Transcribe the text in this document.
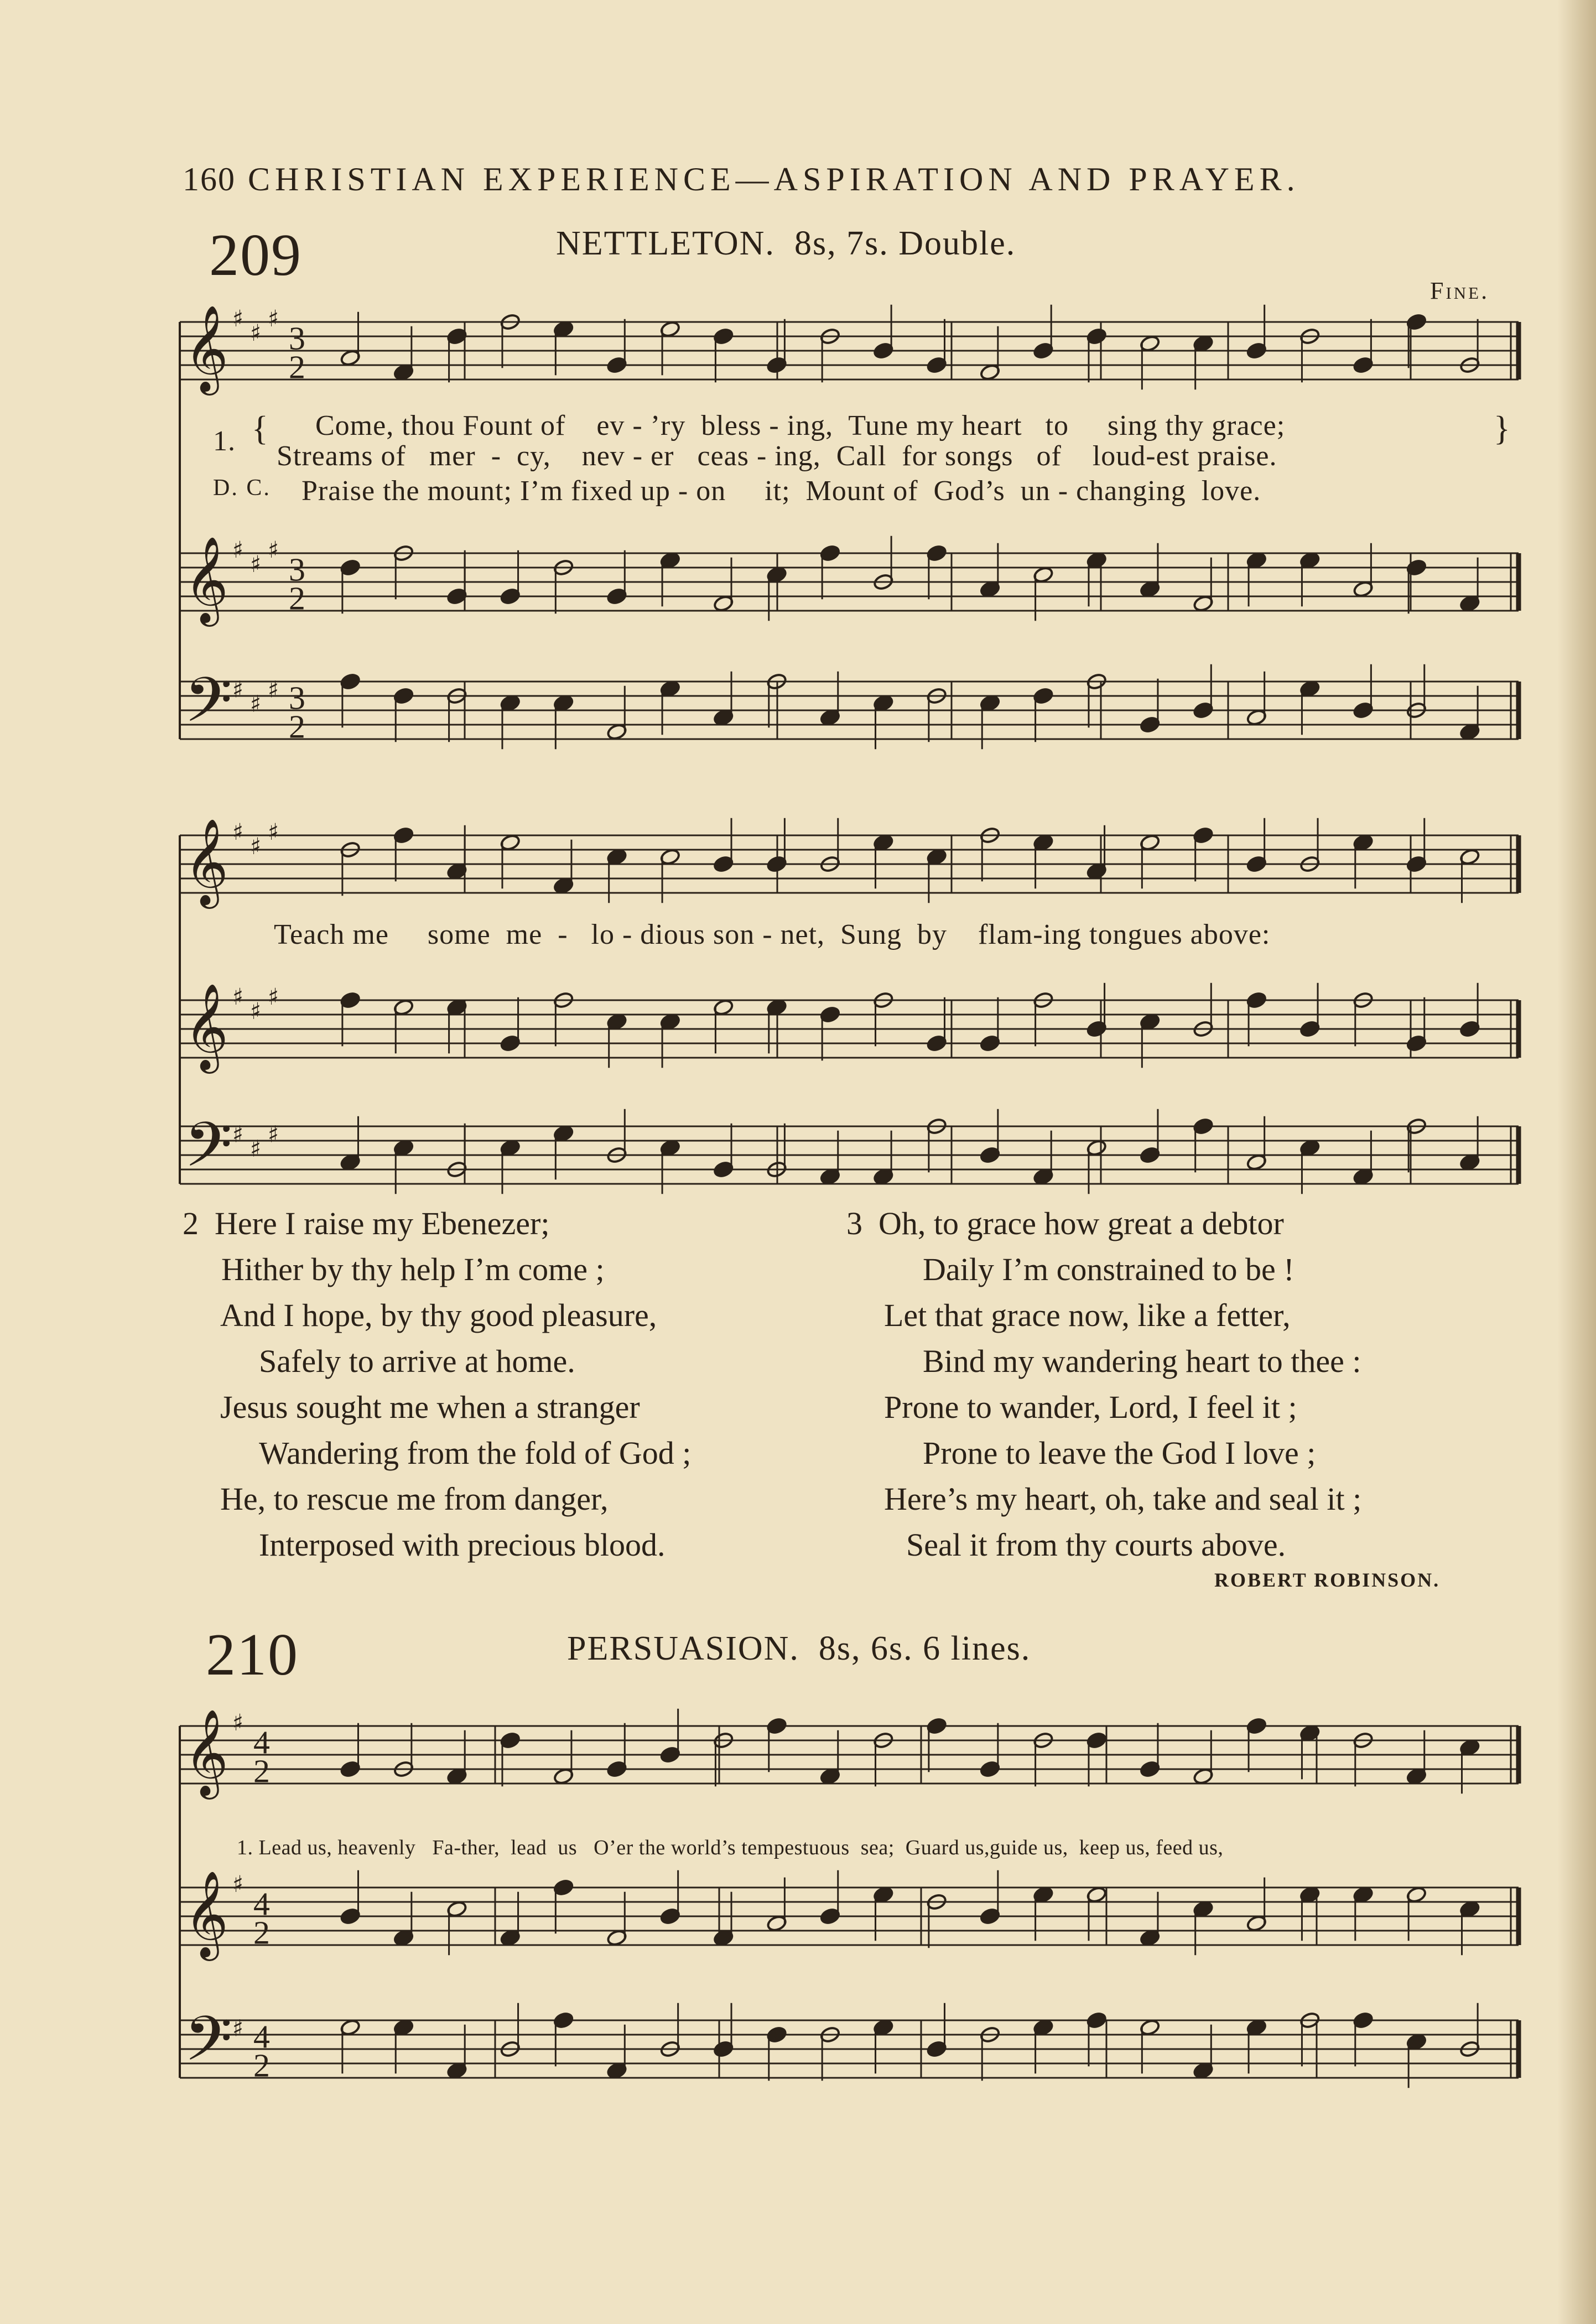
160 CHRISTIAN EXPERIENCE—ASPIRATION AND PRAYER.
209	NETTLETON. 8s, 7s. Double.
Fine.
𝄞 ♯
♯
♯
3
2
𝄞 ♯
♯
♯
3
2
𝄢 ♯
♯
♯ 3
2
𝄞 ♯
♯
♯
𝄞 ♯
♯
♯
𝄢 ♯
♯
♯
𝄞 ♯
4
2
𝄞 ♯
4
2
𝄢 ♯ 4
2
1. { Come, thou Fount of    ev - ’ry  bless - ing,  Tune my heart   to     sing thy grace;
Streams of   mer  -  cy,    nev - er   ceas - ing,  Call  for songs   of    loud-est praise.
}
D. C. Praise the mount; I’m fixed up - on     it;  Mount of  God’s  un - changing  love.
Teach me     some  me  -   lo - dious son - net,  Sung  by    flam-ing tongues above:
2 Here I raise my Ebenezer;
Hither by thy help I’m come ;
And I hope, by thy good pleasure,
Safely to arrive at home.
Jesus sought me when a stranger
Wandering from the fold of God ;
He, to rescue me from danger,
Interposed with precious blood.
3 Oh, to grace how great a debtor
Daily I’m constrained to be !
Let that grace now, like a fetter,
Bind my wandering heart to thee :
Prone to wander, Lord, I feel it ;
Prone to leave the God I love ;
Here’s my heart, oh, take and seal it ;
Seal it from thy courts above.
ROBERT ROBINSON.
210	PERSUASION. 8s, 6s. 6 lines.
1. Lead us, heavenly   Fa-ther,  lead  us   O’er the world’s tempestuous  sea;  Guard us,guide us,  keep us, feed us,
